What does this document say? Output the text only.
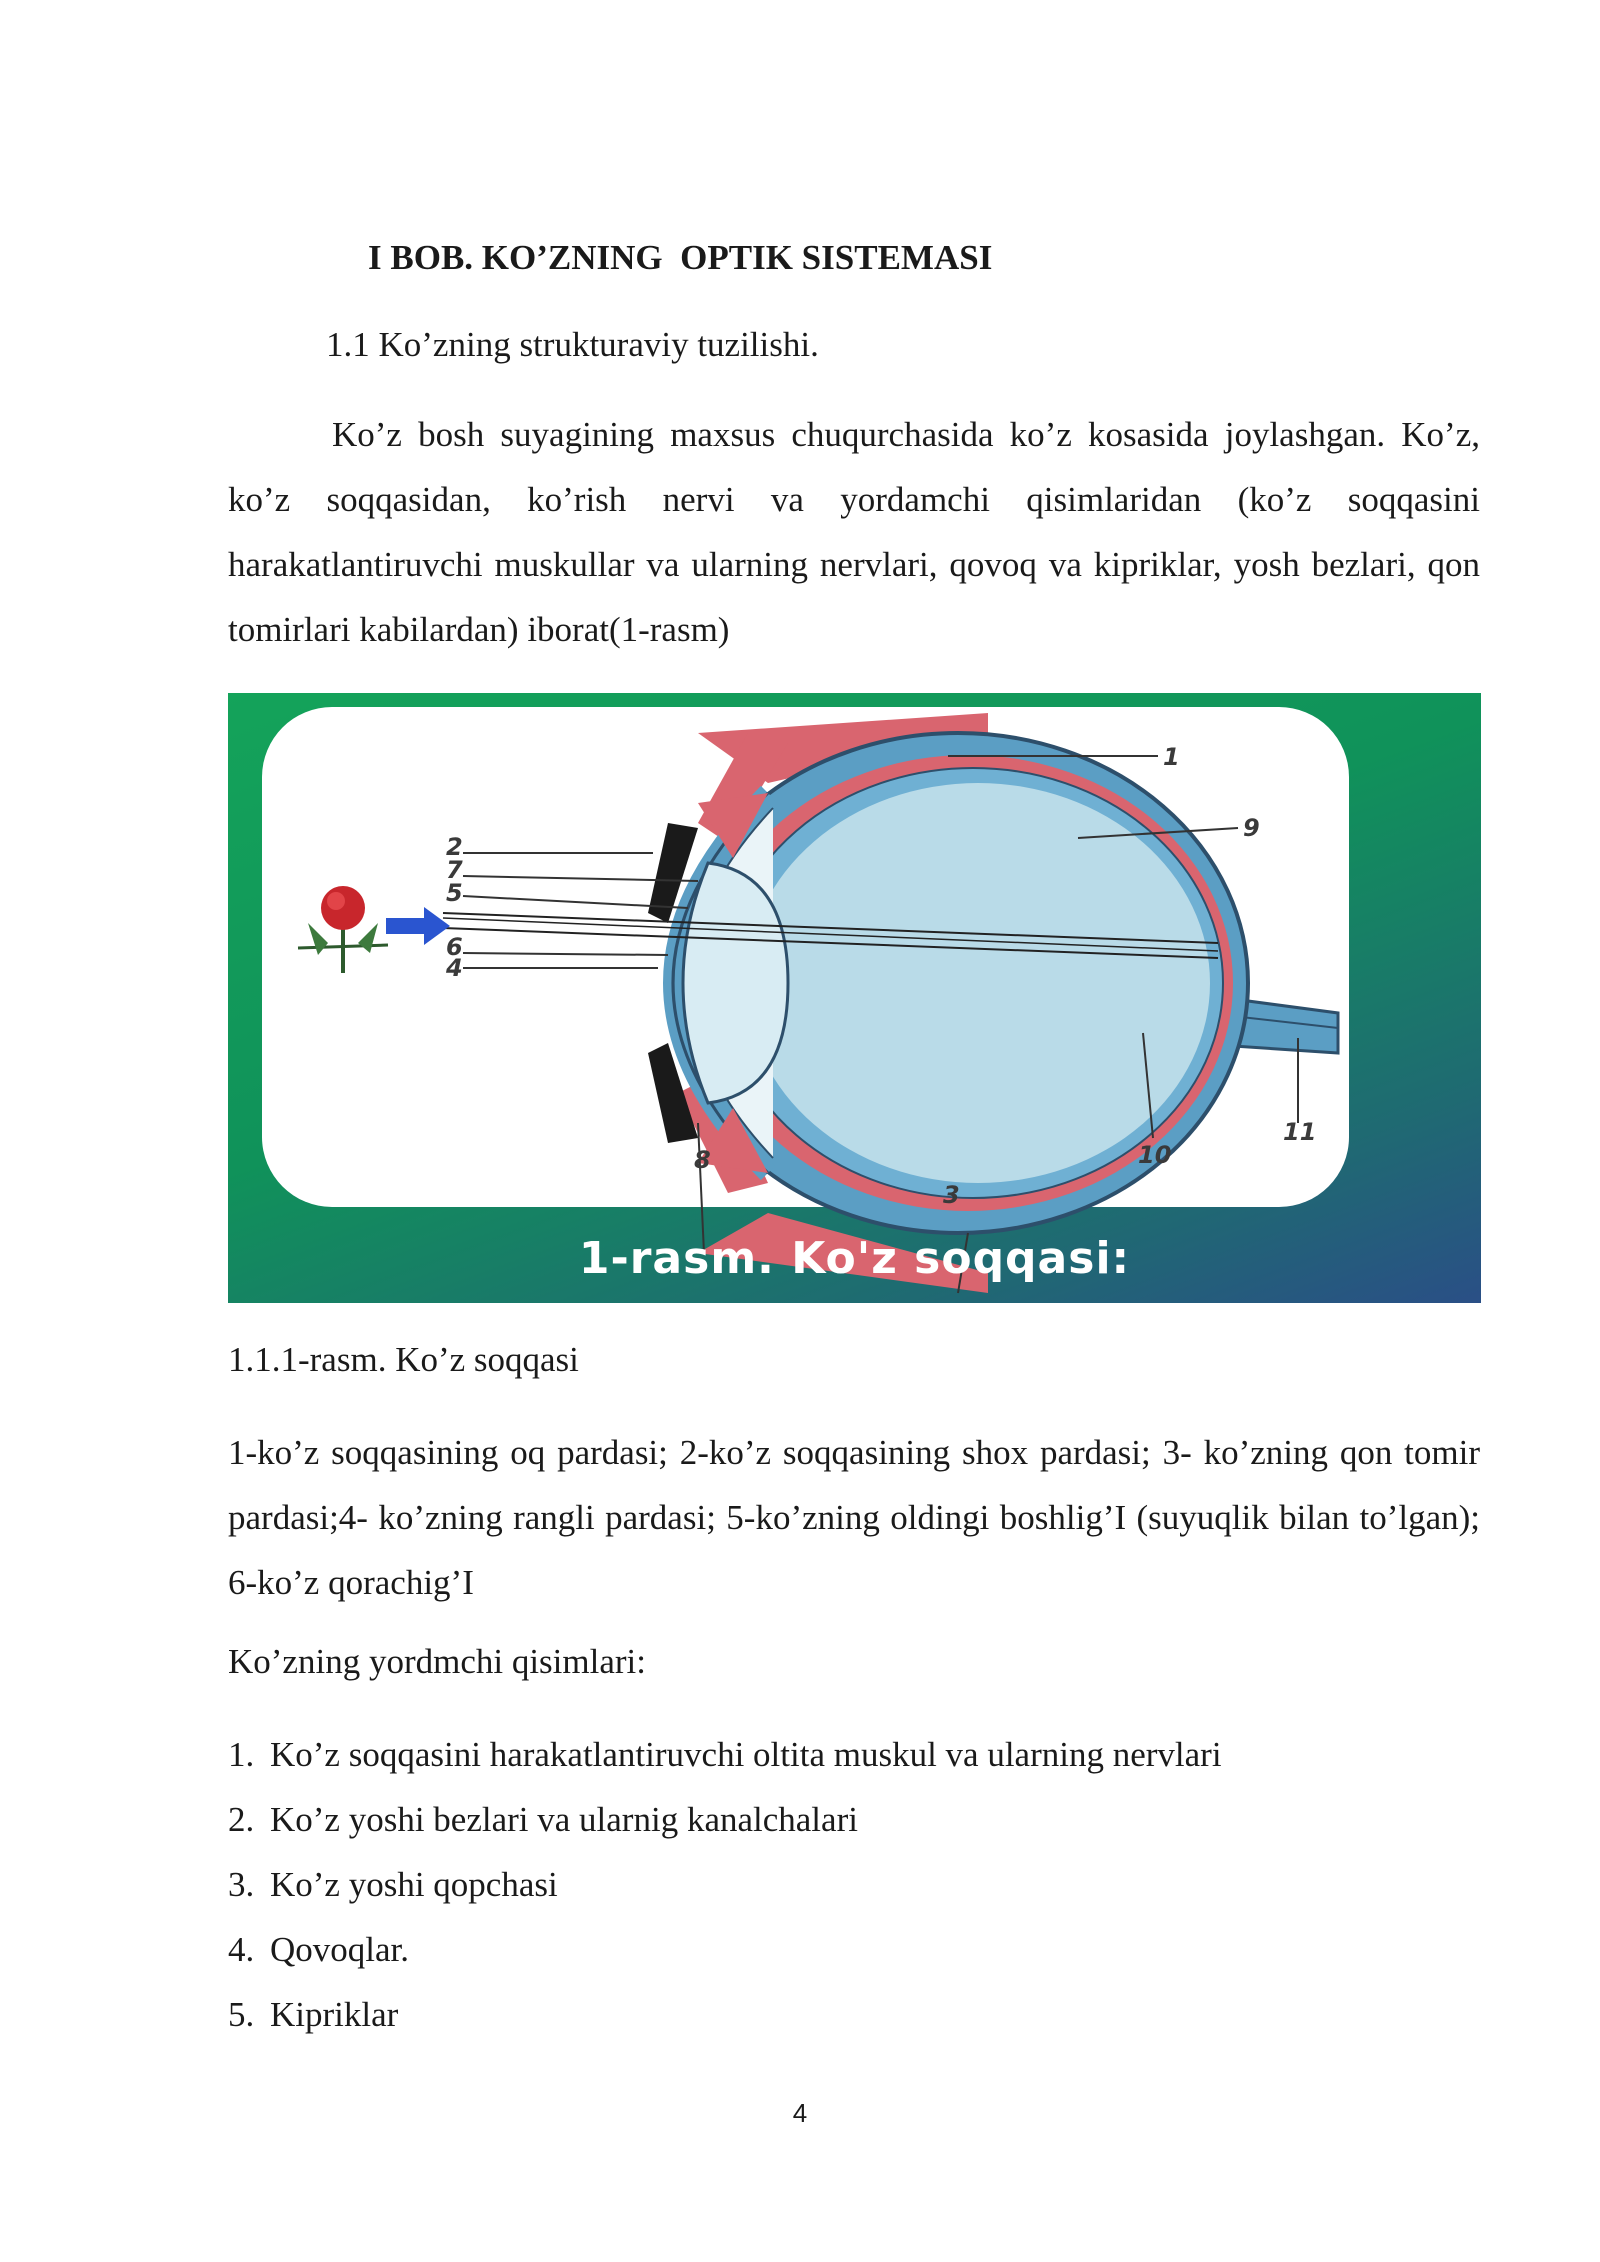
I BOB. KO’ZNING  OPTIK SISTEMASI
1.1 Ko’zning strukturaviy tuzilishi.

Ko’z bosh suyagining maxsus chuqurchasida ko’z kosasida joylashgan. Ko’z, ko’z soqqasidan, ko’rish nervi va yordamchi qisimlaridan (ko’z soqqasini harakatlantiruvchi muskullar va ularning nervlari, qovoq va kipriklar, yosh bezlari, qon tomirlari kabilardan) iborat(1-rasm)

1
9
2
7
5
6
4
8
3
10
11
1-rasm. Ko'z soqqasi:

1.1.1-rasm. Ko’z soqqasi

1-ko’z soqqasining oq pardasi; 2-ko’z soqqasining shox pardasi; 3- ko’zning qon tomir pardasi;4- ko’zning rangli pardasi; 5-ko’zning oldingi boshlig’I (suyuqlik bilan to’lgan); 6-ko’z qorachig’I

Ko’zning yordmchi qisimlari:

1. Ko’z soqqasini harakatlantiruvchi oltita muskul va ularning nervlari
2. Ko’z yoshi bezlari va ularnig kanalchalari
3. Ko’z yoshi qopchasi
4. Qovoqlar.
5. Kipriklar
4
